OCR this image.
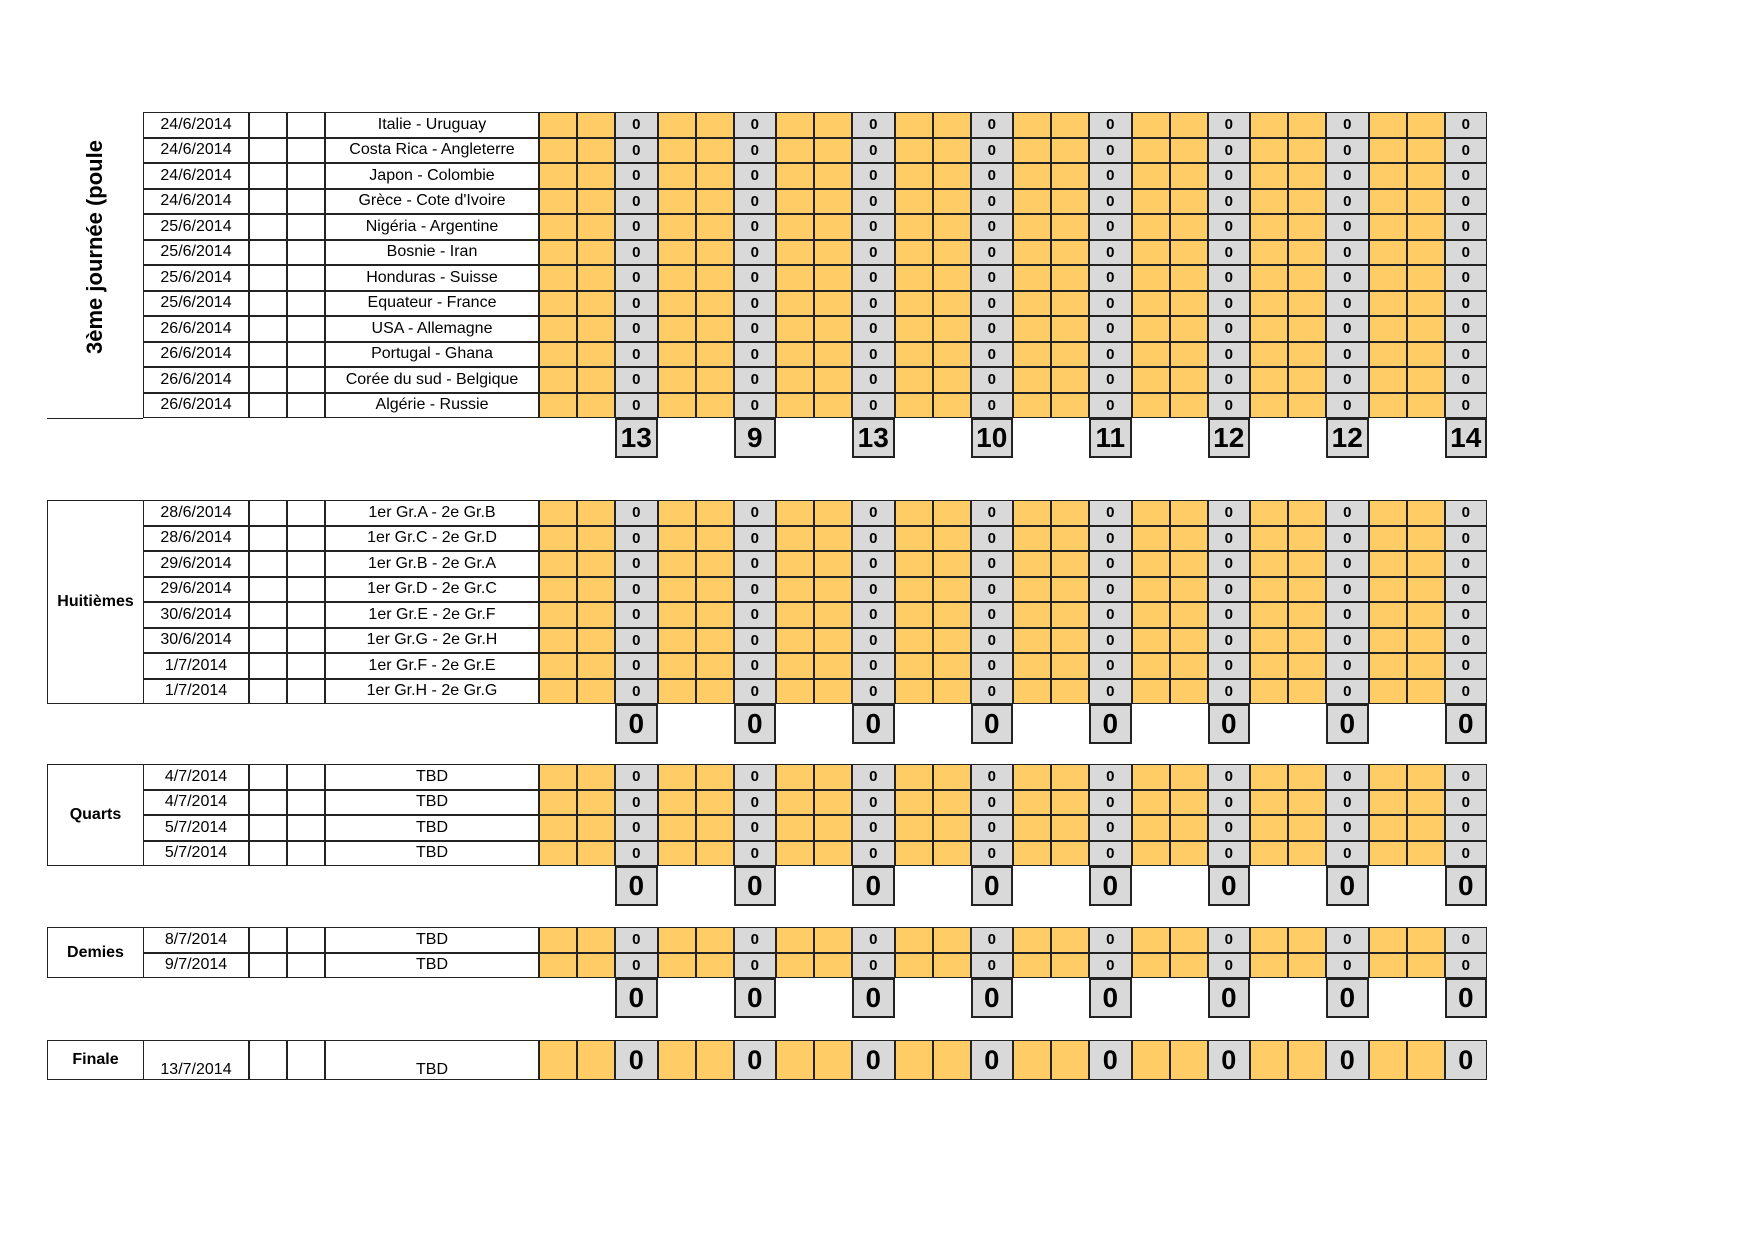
3ème journée (poule
24/6/2014	Italie - Uruguay	0	0	0	0	0	0	0	0
24/6/2014	Costa Rica - Angleterre	0	0	0	0	0	0	0	0
24/6/2014	Japon - Colombie	0	0	0	0	0	0	0	0
24/6/2014	Grèce - Cote d'Ivoire	0	0	0	0	0	0	0	0
25/6/2014	Nigéria - Argentine	0	0	0	0	0	0	0	0
25/6/2014	Bosnie - Iran	0	0	0	0	0	0	0	0
25/6/2014	Honduras - Suisse	0	0	0	0	0	0	0	0
25/6/2014	Equateur - France	0	0	0	0	0	0	0	0
26/6/2014	USA - Allemagne	0	0	0	0	0	0	0	0
26/6/2014	Portugal - Ghana	0	0	0	0	0	0	0	0
26/6/2014	Corée du sud - Belgique	0	0	0	0	0	0	0	0
26/6/2014	Algérie - Russie	0	0	0	0	0	0	0	0
13	9	13	10	11	12	12	14
Huitièmes
28/6/2014	1er Gr.A - 2e Gr.B	0	0	0	0	0	0	0	0
28/6/2014	1er Gr.C - 2e Gr.D	0	0	0	0	0	0	0	0
29/6/2014	1er Gr.B - 2e Gr.A	0	0	0	0	0	0	0	0
29/6/2014	1er Gr.D - 2e Gr.C	0	0	0	0	0	0	0	0
30/6/2014	1er Gr.E - 2e Gr.F	0	0	0	0	0	0	0	0
30/6/2014	1er Gr.G - 2e Gr.H	0	0	0	0	0	0	0	0
1/7/2014	1er Gr.F - 2e Gr.E	0	0	0	0	0	0	0	0
1/7/2014	1er Gr.H - 2e Gr.G	0	0	0	0	0	0	0	0
0	0	0	0	0	0	0	0
Quarts
4/7/2014	TBD	0	0	0	0	0	0	0	0
4/7/2014	TBD	0	0	0	0	0	0	0	0
5/7/2014	TBD	0	0	0	0	0	0	0	0
5/7/2014	TBD	0	0	0	0	0	0	0	0
0	0	0	0	0	0	0	0
Demies
8/7/2014	TBD	0	0	0	0	0	0	0	0
9/7/2014	TBD	0	0	0	0	0	0	0	0
0	0	0	0	0	0	0	0
Finale
13/7/2014	TBD	0	0	0	0	0	0	0	0
